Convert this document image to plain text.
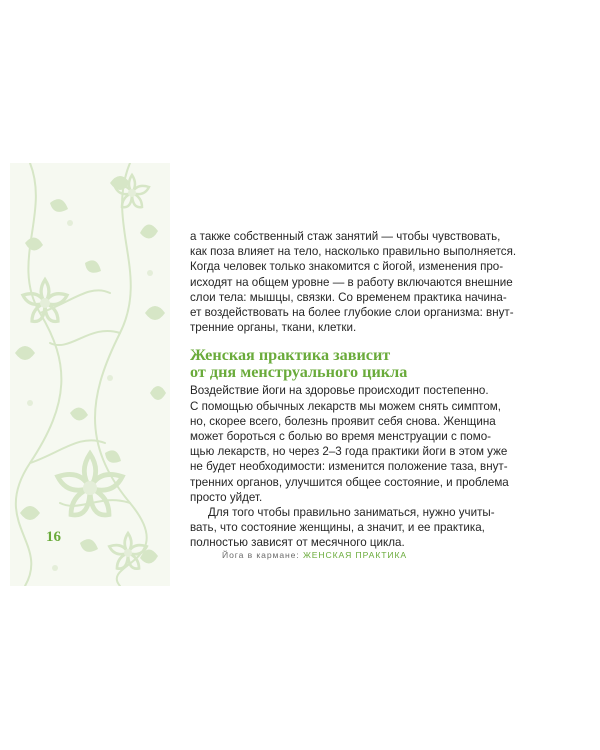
16

а также собственный стаж занятий — чтобы чувствовать,
как поза влияет на тело, насколько правильно выполняется.
Когда человек только знакомится с йогой, изменения про-
исходят на общем уровне — в работу включаются внешние
слои тела: мышцы, связки. Со временем практика начина-
ет воздействовать на более глубокие слои организма: внут-
тренние органы, ткани, клетки.

Женская практика зависит
от дня менструального цикла

Воздействие йоги на здоровье происходит постепенно.
С помощью обычных лекарств мы можем снять симптом,
но, скорее всего, болезнь проявит себя снова. Женщина
может бороться с болью во время менструации с помо-
щью лекарств, но через 2–3 года практики йоги в этом уже
не будет необходимости: изменится положение таза, внут-
тренних органов, улучшится общее состояние, и проблема
просто уйдет.

Для того чтобы правильно заниматься, нужно учиты-
вать, что состояние женщины, а значит, и ее практика,
полностью зависят от месячного цикла.

Йога в кармане: ЖЕНСКАЯ ПРАКТИКА
